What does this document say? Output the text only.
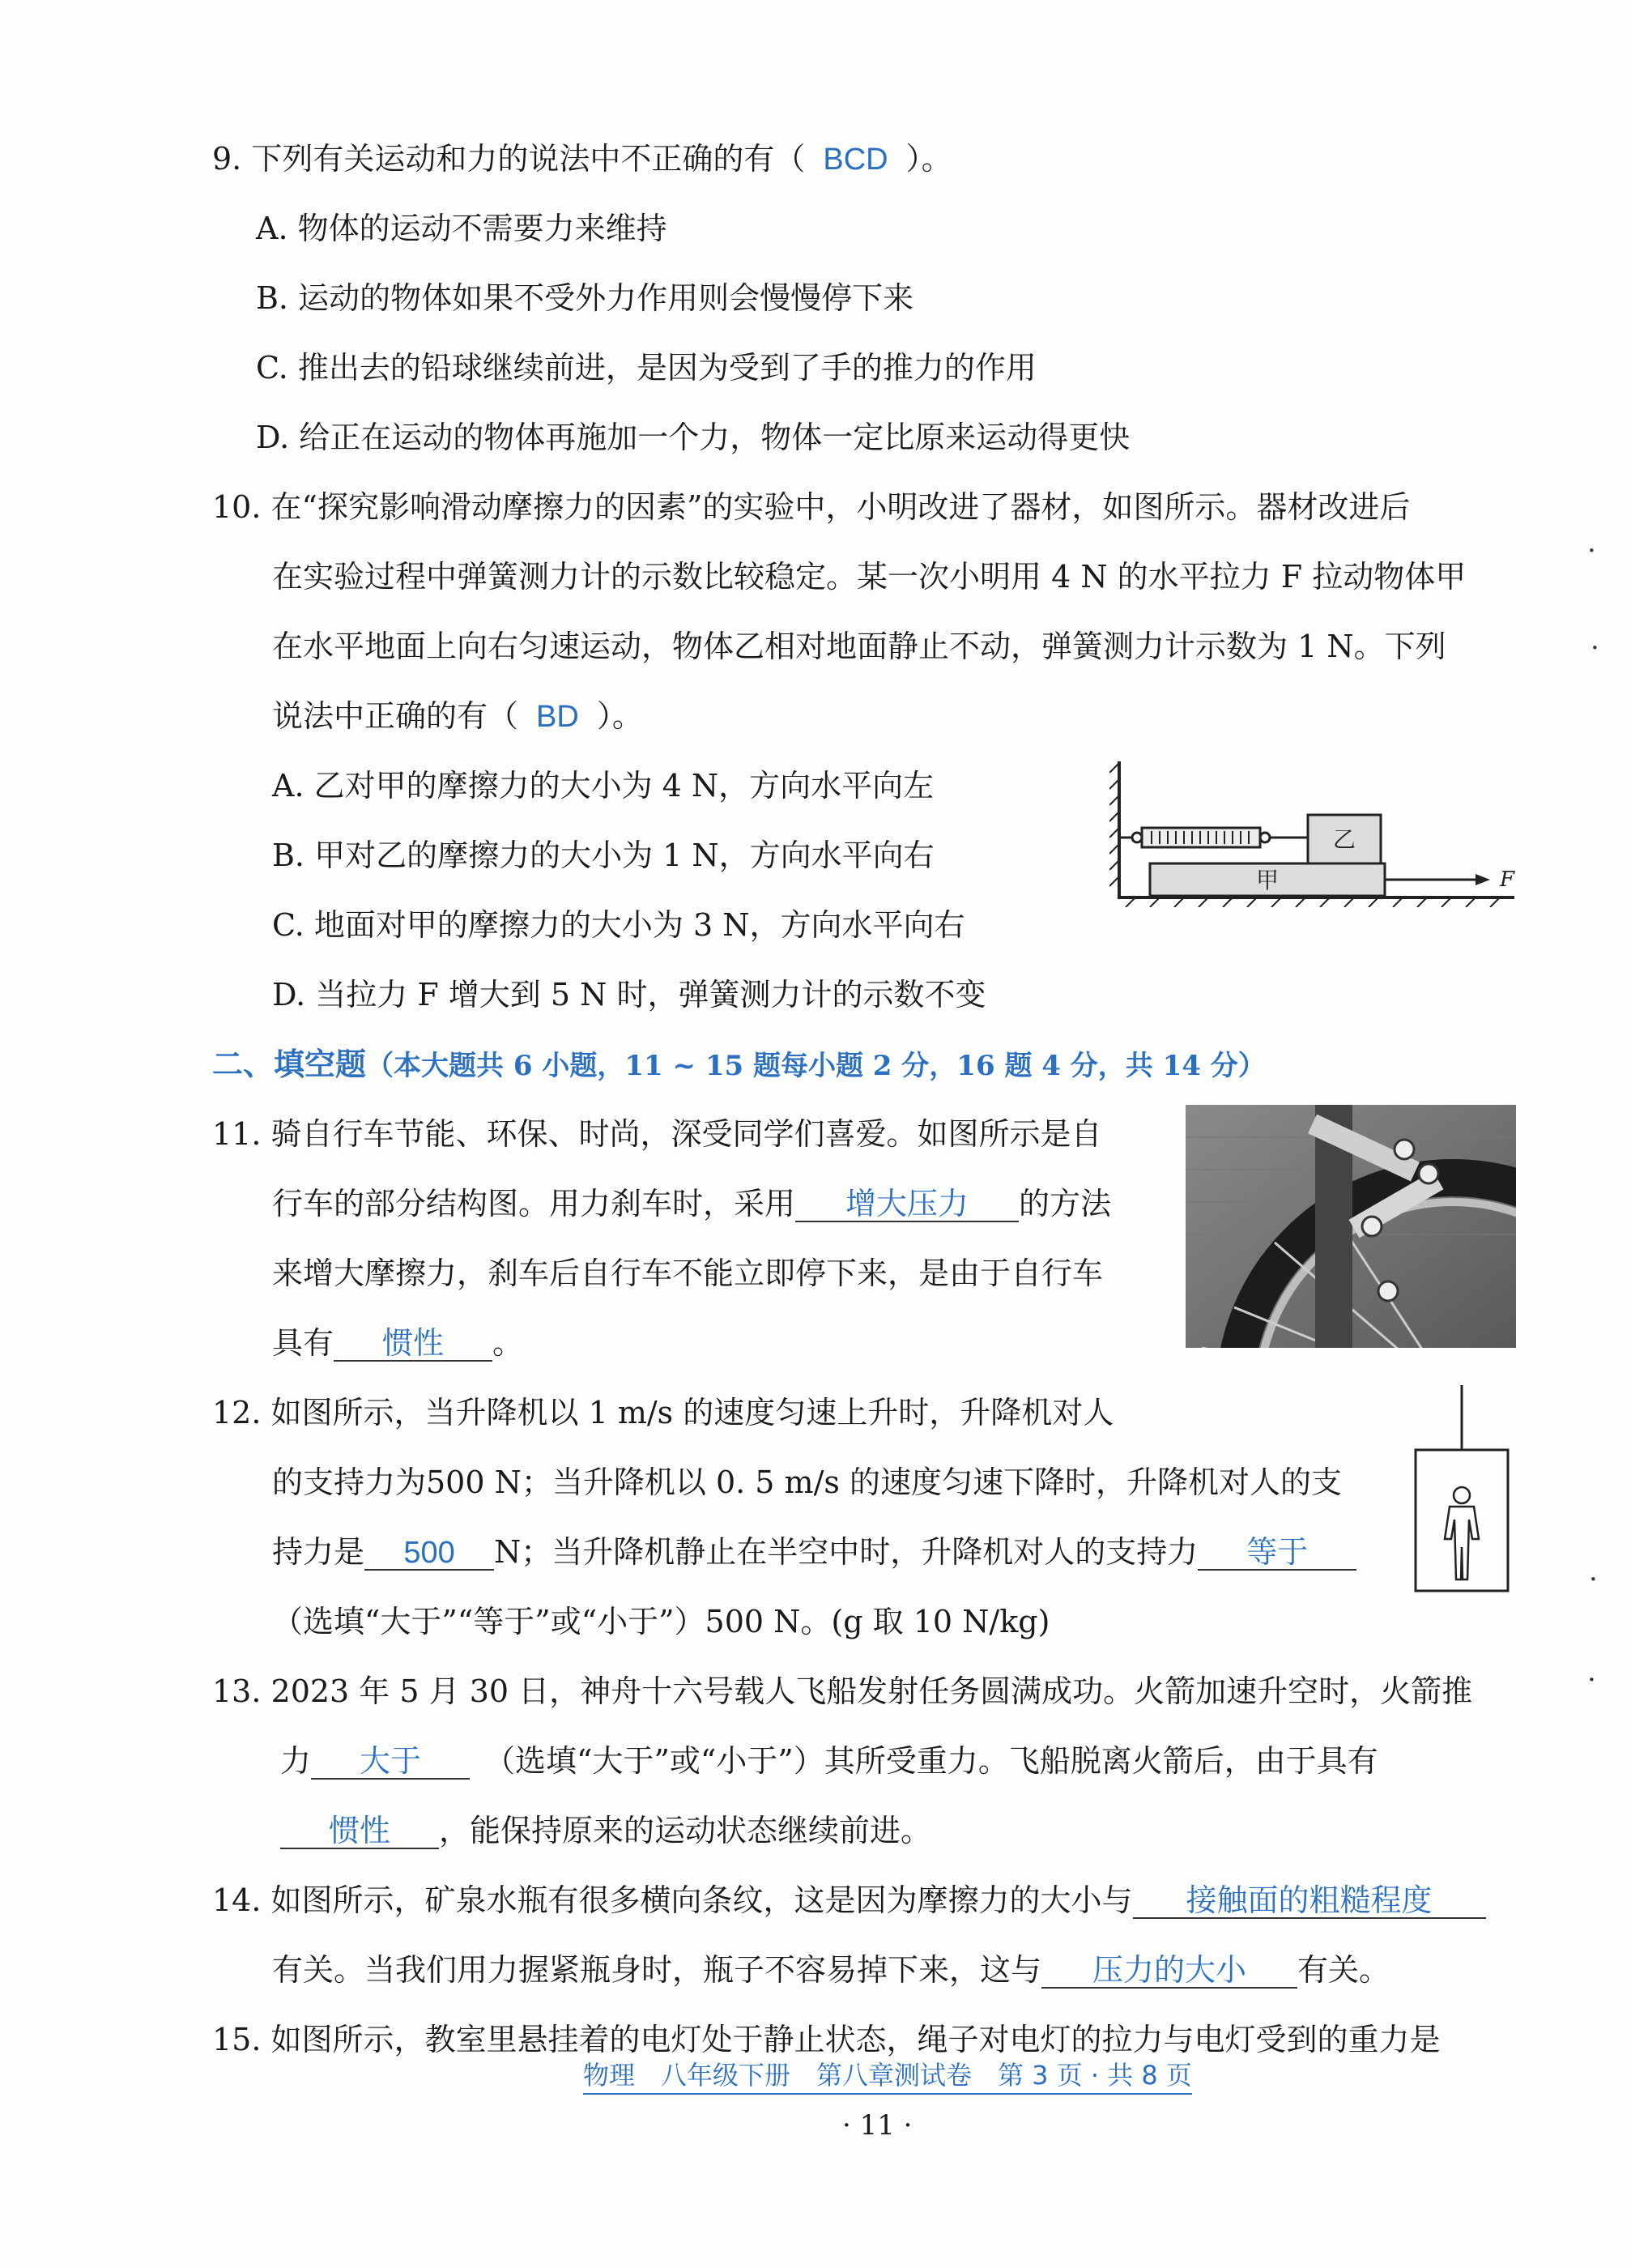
9. 下列有关运动和力的说法中不正确的有（ BCD ）。
A. 物体的运动不需要力来维持
B. 运动的物体如果不受外力作用则会慢慢停下来
C. 推出去的铅球继续前进，是因为受到了手的推力的作用
D. 给正在运动的物体再施加一个力，物体一定比原来运动得更快
10. 在“探究影响滑动摩擦力的因素”的实验中，小明改进了器材，如图所示。器材改进后
在实验过程中弹簧测力计的示数比较稳定。某一次小明用 4 N 的水平拉力 F 拉动物体甲
在水平地面上向右匀速运动，物体乙相对地面静止不动，弹簧测力计示数为 1 N。下列
说法中正确的有（ BD ）。
A. 乙对甲的摩擦力的大小为 4 N，方向水平向左
B. 甲对乙的摩擦力的大小为 1 N，方向水平向右
C. 地面对甲的摩擦力的大小为 3 N，方向水平向右
D. 当拉力 F 增大到 5 N 时，弹簧测力计的示数不变
甲
乙
F
二、填空题（本大题共 6 小题，11 ~ 15 题每小题 2 分，16 题 4 分，共 14 分）
11. 骑自行车节能、环保、时尚，深受同学们喜爱。如图所示是自
行车的部分结构图。用力刹车时，采用 增大压力 的方法
来增大摩擦力，刹车后自行车不能立即停下来，是由于自行车
具有 惯性 。
12. 如图所示，当升降机以 1 m/s 的速度匀速上升时，升降机对人
的支持力为500 N；当升降机以 0. 5 m/s 的速度匀速下降时，升降机对人的支
持力是 500 N；当升降机静止在半空中时，升降机对人的支持力 等于
（选填“大于”“等于”或“小于”）500 N。(g 取 10 N/kg)
13. 2023 年 5 月 30 日，神舟十六号载人飞船发射任务圆满成功。火箭加速升空时，火箭推
力 大于 （选填“大于”或“小于”）其所受重力。飞船脱离火箭后，由于具有
惯性 ，能保持原来的运动状态继续前进。
14. 如图所示，矿泉水瓶有很多横向条纹，这是因为摩擦力的大小与 接触面的粗糙程度
有关。当我们用力握紧瓶身时，瓶子不容易掉下来，这与 压力的大小 有关。
15. 如图所示，教室里悬挂着的电灯处于静止状态，绳子对电灯的拉力与电灯受到的重力是
物理　八年级下册　第八章测试卷　第 3 页 · 共 8 页
· 11 ·
·
·
·
·
